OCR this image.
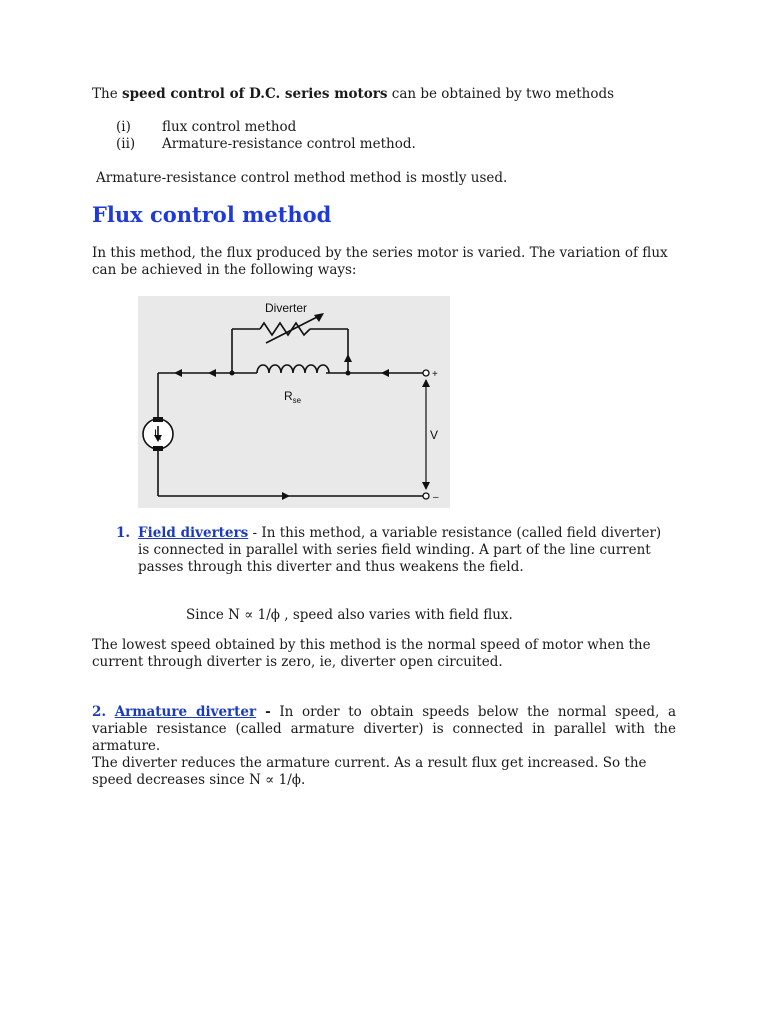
The speed control of D.C. series motors can be obtained by two methods
(i) flux control method
(ii) Armature-resistance control method.
Armature-resistance control method method is mostly used.
Flux control method
In this method, the flux produced by the series motor is varied. The variation of flux can be achieved in the following ways:
Diverter
$R_{se}$
$I_a$	V
+
–
1. Field diverters - In this method, a variable resistance (called field diverter) is connected in parallel with series field winding. A part of the line current passes through this diverter and thus weakens the field.
Since N ∝ 1/ϕ , speed also varies with field flux.
The lowest speed obtained by this method is the normal speed of motor when the current through diverter is zero, ie, diverter open circuited.
2. Armature diverter - In order to obtain speeds below the normal speed, a variable resistance (called armature diverter) is connected in parallel with the armature.
The diverter reduces the armature current. As a result flux get increased. So the speed decreases since N ∝ 1/ϕ.
